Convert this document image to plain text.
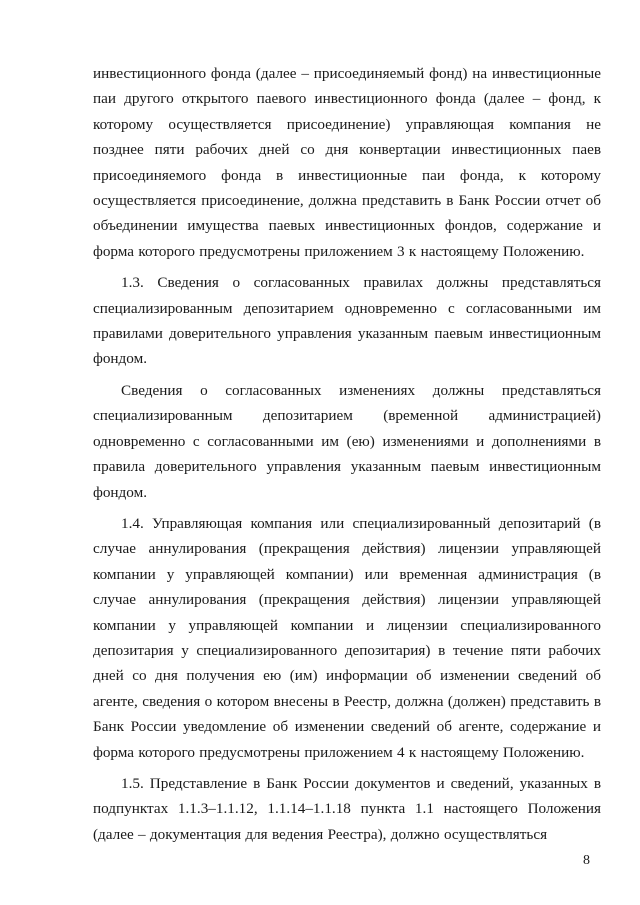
инвестиционного фонда (далее – присоединяемый фонд) на инвестиционные паи другого открытого паевого инвестиционного фонда (далее – фонд, к которому осуществляется присоединение) управляющая компания не позднее пяти рабочих дней со дня конвертации инвестиционных паев присоединяемого фонда в инвестиционные паи фонда, к которому осуществляется присоединение, должна представить в Банк России отчет об объединении имущества паевых инвестиционных фондов, содержание и форма которого предусмотрены приложением 3 к настоящему Положению.

1.3. Сведения о согласованных правилах должны представляться специализированным депозитарием одновременно с согласованными им правилами доверительного управления указанным паевым инвестиционным фондом.

Сведения о согласованных изменениях должны представляться специализированным депозитарием (временной администрацией) одновременно с согласованными им (ею) изменениями и дополнениями в правила доверительного управления указанным паевым инвестиционным фондом.

1.4. Управляющая компания или специализированный депозитарий (в случае аннулирования (прекращения действия) лицензии управляющей компании у управляющей компании) или временная администрация (в случае аннулирования (прекращения действия) лицензии управляющей компании у управляющей компании и лицензии специализированного депозитария у специализированного депозитария) в течение пяти рабочих дней со дня получения ею (им) информации об изменении сведений об агенте, сведения о котором внесены в Реестр, должна (должен) представить в Банк России уведомление об изменении сведений об агенте, содержание и форма которого предусмотрены приложением 4 к настоящему Положению.

1.5. Представление в Банк России документов и сведений, указанных в подпунктах 1.1.3–1.1.12, 1.1.14–1.1.18 пункта 1.1 настоящего Положения (далее – документация для ведения Реестра), должно осуществляться

8
